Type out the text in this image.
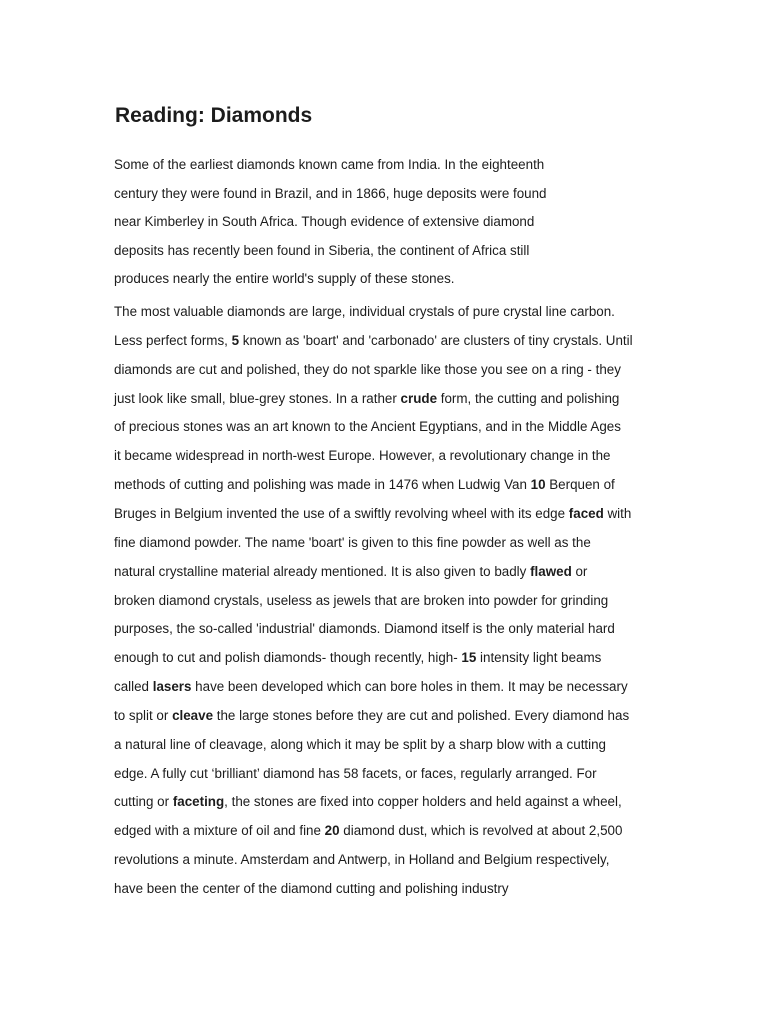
Reading: Diamonds

Some of the earliest diamonds known came from India. In the eighteenth

century they were found in Brazil, and in 1866, huge deposits were found

near Kimberley in South Africa. Though evidence of extensive diamond

deposits has recently been found in Siberia, the continent of Africa still

produces nearly the entire world's supply of these stones.

The most valuable diamonds are large, individual crystals of pure crystal line carbon.

Less perfect forms, 5 known as 'boart' and 'carbonado' are clusters of tiny crystals. Until

diamonds are cut and polished, they do not sparkle like those you see on a ring - they

just look like small, blue-grey stones. In a rather crude form, the cutting and polishing

of precious stones was an art known to the Ancient Egyptians, and in the Middle Ages

it became widespread in north-west Europe. However, a revolutionary change in the

methods of cutting and polishing was made in 1476 when Ludwig Van 10 Berquen of

Bruges in Belgium invented the use of a swiftly revolving wheel with its edge faced with

fine diamond powder. The name 'boart' is given to this fine powder as well as the

natural crystalline material already mentioned. It is also given to badly flawed or

broken diamond crystals, useless as jewels that are broken into powder for grinding

purposes, the so-called 'industrial' diamonds. Diamond itself is the only material hard

enough to cut and polish diamonds- though recently, high- 15 intensity light beams

called lasers have been developed which can bore holes in them. It may be necessary

to split or cleave the large stones before they are cut and polished. Every diamond has

a natural line of cleavage, along which it may be split by a sharp blow with a cutting

edge. A fully cut ‘brilliant’ diamond has 58 facets, or faces, regularly arranged. For

cutting or faceting, the stones are fixed into copper holders and held against a wheel,

edged with a mixture of oil and fine 20 diamond dust, which is revolved at about 2,500

revolutions a minute. Amsterdam and Antwerp, in Holland and Belgium respectively,

have been the center of the diamond cutting and polishing industry
